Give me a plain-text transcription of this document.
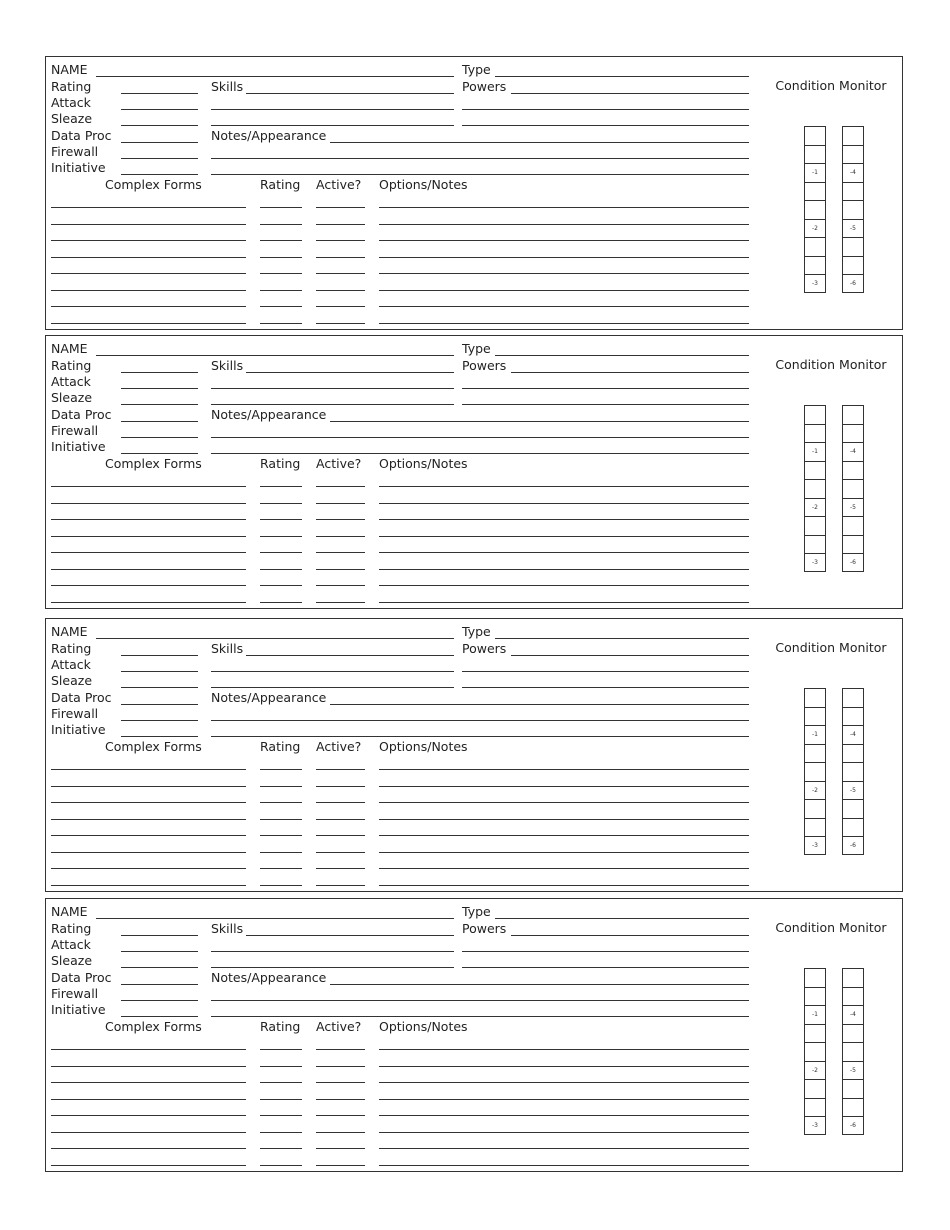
NAME	Type
Rating	Skills	Powers
Attack
Sleaze
Data Proc	Notes/Appearance
Firewall
Initiative
Complex Forms	Rating Active? Options/Notes
Condition Monitor
-1
-2
-3
-4
-5
-6
NAME	Type
Rating	Skills	Powers
Attack
Sleaze
Data Proc	Notes/Appearance
Firewall
Initiative
Complex Forms	Rating Active? Options/Notes
Condition Monitor
-1
-2
-3
-4
-5
-6
NAME	Type
Rating	Skills	Powers
Attack
Sleaze
Data Proc	Notes/Appearance
Firewall
Initiative
Complex Forms	Rating Active? Options/Notes
Condition Monitor
-1
-2
-3
-4
-5
-6
NAME	Type
Rating	Skills	Powers
Attack
Sleaze
Data Proc	Notes/Appearance
Firewall
Initiative
Complex Forms	Rating Active? Options/Notes
Condition Monitor
-1
-2
-3
-4
-5
-6
